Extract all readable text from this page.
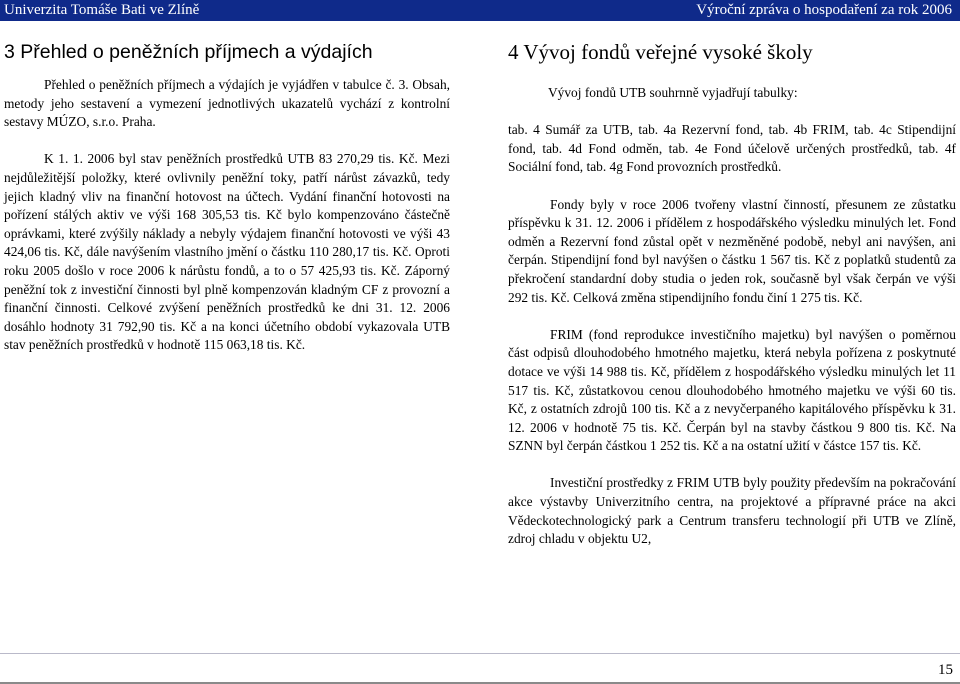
Univerzita Tomáše Bati ve Zlíně	Výroční zpráva o hospodaření za rok 2006
3 Přehled o peněžních příjmech a výdajích

Přehled o peněžních příjmech a výdajích je vyjádřen v tabulce č. 3. Obsah, metody jeho sestavení a vymezení jednotlivých ukazatelů vychází z kontrolní sestavy MÚZO, s.r.o. Praha.

K 1. 1. 2006 byl stav peněžních prostředků UTB 83 270,29 tis. Kč. Mezi nejdůležitější položky, které ovlivnily peněžní toky, patří nárůst závazků, tedy jejich kladný vliv na finanční hotovost na účtech. Vydání finanční hotovosti na pořízení stálých aktiv ve výši 168 305,53 tis. Kč bylo kompenzováno částečně oprávkami, které zvýšily náklady a nebyly výdajem finanční hotovosti ve výši 43 424,06 tis. Kč, dále navýšením vlastního jmění o částku 110 280,17 tis. Kč. Oproti roku 2005 došlo v roce 2006 k nárůstu fondů, a to o 57 425,93 tis. Kč. Záporný peněžní tok z investiční činnosti byl plně kompenzován kladným CF z provozní a finanční činnosti. Celkové zvýšení peněžních prostředků ke dni 31. 12. 2006 dosáhlo hodnoty 31 792,90 tis. Kč a na konci účetního období vykazovala UTB stav peněžních prostředků v hodnotě 115 063,18 tis. Kč.

4 Vývoj fondů veřejné vysoké školy

Vývoj fondů UTB souhrnně vyjadřují tabulky:

tab. 4 Sumář za UTB, tab. 4a Rezervní fond, tab. 4b FRIM, tab. 4c Stipendijní fond, tab. 4d Fond odměn, tab. 4e Fond účelově určených prostředků, tab. 4f Sociální fond, tab. 4g Fond provozních prostředků.

Fondy byly v roce 2006 tvořeny vlastní činností, přesunem ze zůstatku příspěvku k 31. 12. 2006 i přídělem z hospodářského výsledku minulých let. Fond odměn a Rezervní fond zůstal opět v nezměněné podobě, nebyl ani navýšen, ani čerpán. Stipendijní fond byl navýšen o částku 1 567 tis. Kč z poplatků studentů za překročení standardní doby studia o jeden rok, současně byl však čerpán ve výši 292 tis. Kč. Celková změna stipendijního fondu činí 1 275 tis. Kč.

FRIM (fond reprodukce investičního majetku) byl navýšen o poměrnou část odpisů dlouhodobého hmotného majetku, která nebyla pořízena z poskytnuté dotace ve výši 14 988 tis. Kč, přídělem z hospodářského výsledku minulých let 11 517 tis. Kč, zůstatkovou cenou dlouhodobého hmotného majetku ve výši 60 tis. Kč, z ostatních zdrojů 100 tis. Kč a z nevyčerpaného kapitálového příspěvku k 31. 12. 2006 v hodnotě 75 tis. Kč. Čerpán byl na stavby částkou 9 800 tis. Kč. Na SZNN byl čerpán částkou 1 252 tis. Kč a na ostatní užití v částce 157 tis. Kč.

Investiční prostředky z FRIM UTB byly použity především na pokračování akce výstavby Univerzitního centra, na projektové a přípravné práce na akci Vědeckotechnologický park a Centrum transferu technologií při UTB ve Zlíně, zdroj chladu v objektu U2,

15
